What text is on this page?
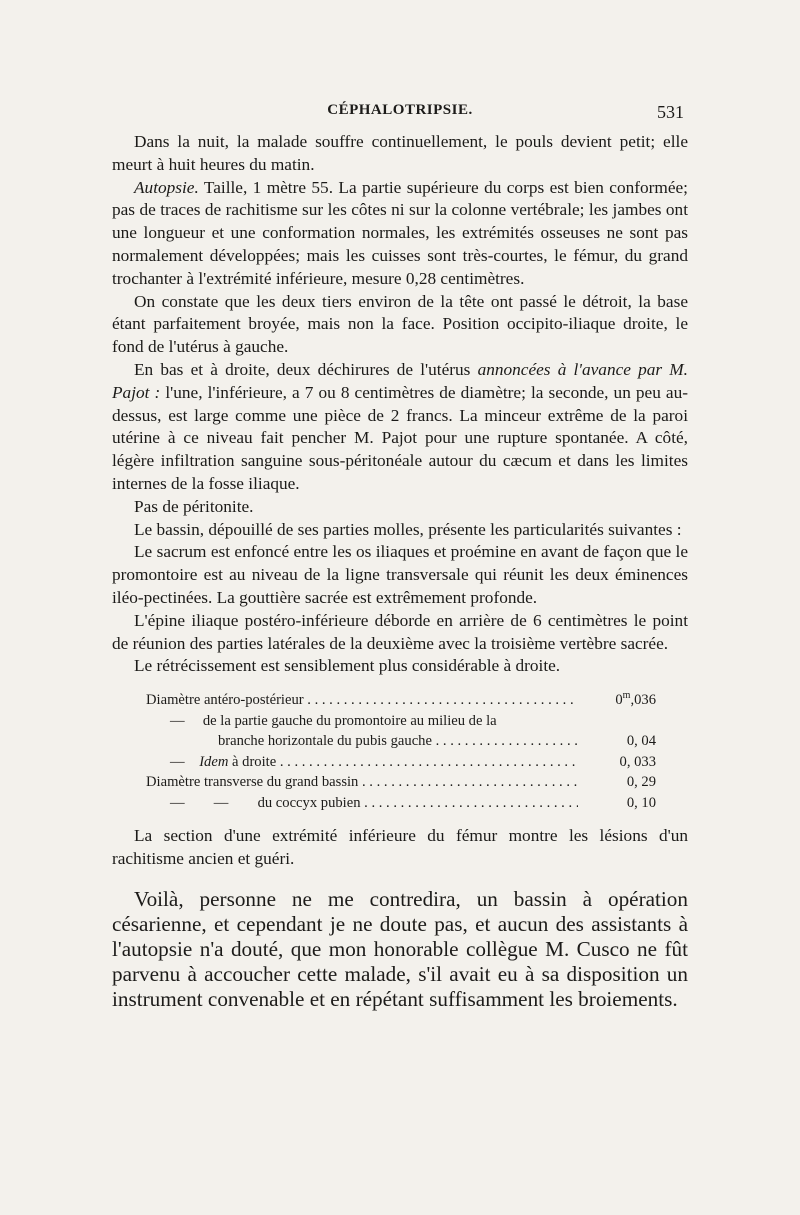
CÉPHALOTRIPSIE.	531

Dans la nuit, la malade souffre continuellement, le pouls devient petit; elle meurt à huit heures du matin.

Autopsie. Taille, 1 mètre 55. La partie supérieure du corps est bien conformée; pas de traces de rachitisme sur les côtes ni sur la colonne vertébrale; les jambes ont une longueur et une conformation normales, les extrémités osseuses ne sont pas normalement développées; mais les cuisses sont très-courtes, le fémur, du grand trochanter à l'extrémité inférieure, mesure 0,28 centimètres.

On constate que les deux tiers environ de la tête ont passé le détroit, la base étant parfaitement broyée, mais non la face. Position occipito-iliaque droite, le fond de l'utérus à gauche.

En bas et à droite, deux déchirures de l'utérus annoncées à l'avance par M. Pajot : l'une, l'inférieure, a 7 ou 8 centimètres de diamètre; la seconde, un peu au-dessus, est large comme une pièce de 2 francs. La minceur extrême de la paroi utérine à ce niveau fait pencher M. Pajot pour une rupture spontanée. A côté, légère infiltration sanguine sous-péritonéale autour du cæcum et dans les limites internes de la fosse iliaque.

Pas de péritonite.

Le bassin, dépouillé de ses parties molles, présente les particularités suivantes :

Le sacrum est enfoncé entre les os iliaques et proémine en avant de façon que le promontoire est au niveau de la ligne transversale qui réunit les deux éminences iléo-pectinées. La gouttière sacrée est extrêmement profonde.

L'épine iliaque postéro-inférieure déborde en arrière de 6 centimètres le point de réunion des parties latérales de la deuxième avec la troisième vertèbre sacrée.

Le rétrécissement est sensiblement plus considérable à droite.

Diamètre antéro-postérieur . . .	0$^m$,036
— de la partie gauche du promontoire au milieu de la
branche horizontale du pubis gauche . . .	0, 04
— Idem à droite . . .	0, 033
Diamètre transverse du grand bassin . . .	0, 29
— — du coccyx pubien . . .	0, 10

La section d'une extrémité inférieure du fémur montre les lésions d'un rachitisme ancien et guéri.

Voilà, personne ne me contredira, un bassin à opération césarienne, et cependant je ne doute pas, et aucun des assistants à l'autopsie n'a douté, que mon honorable collègue M. Cusco ne fût parvenu à accoucher cette malade, s'il avait eu à sa disposition un instrument convenable et en répétant suffisamment les broiements.
